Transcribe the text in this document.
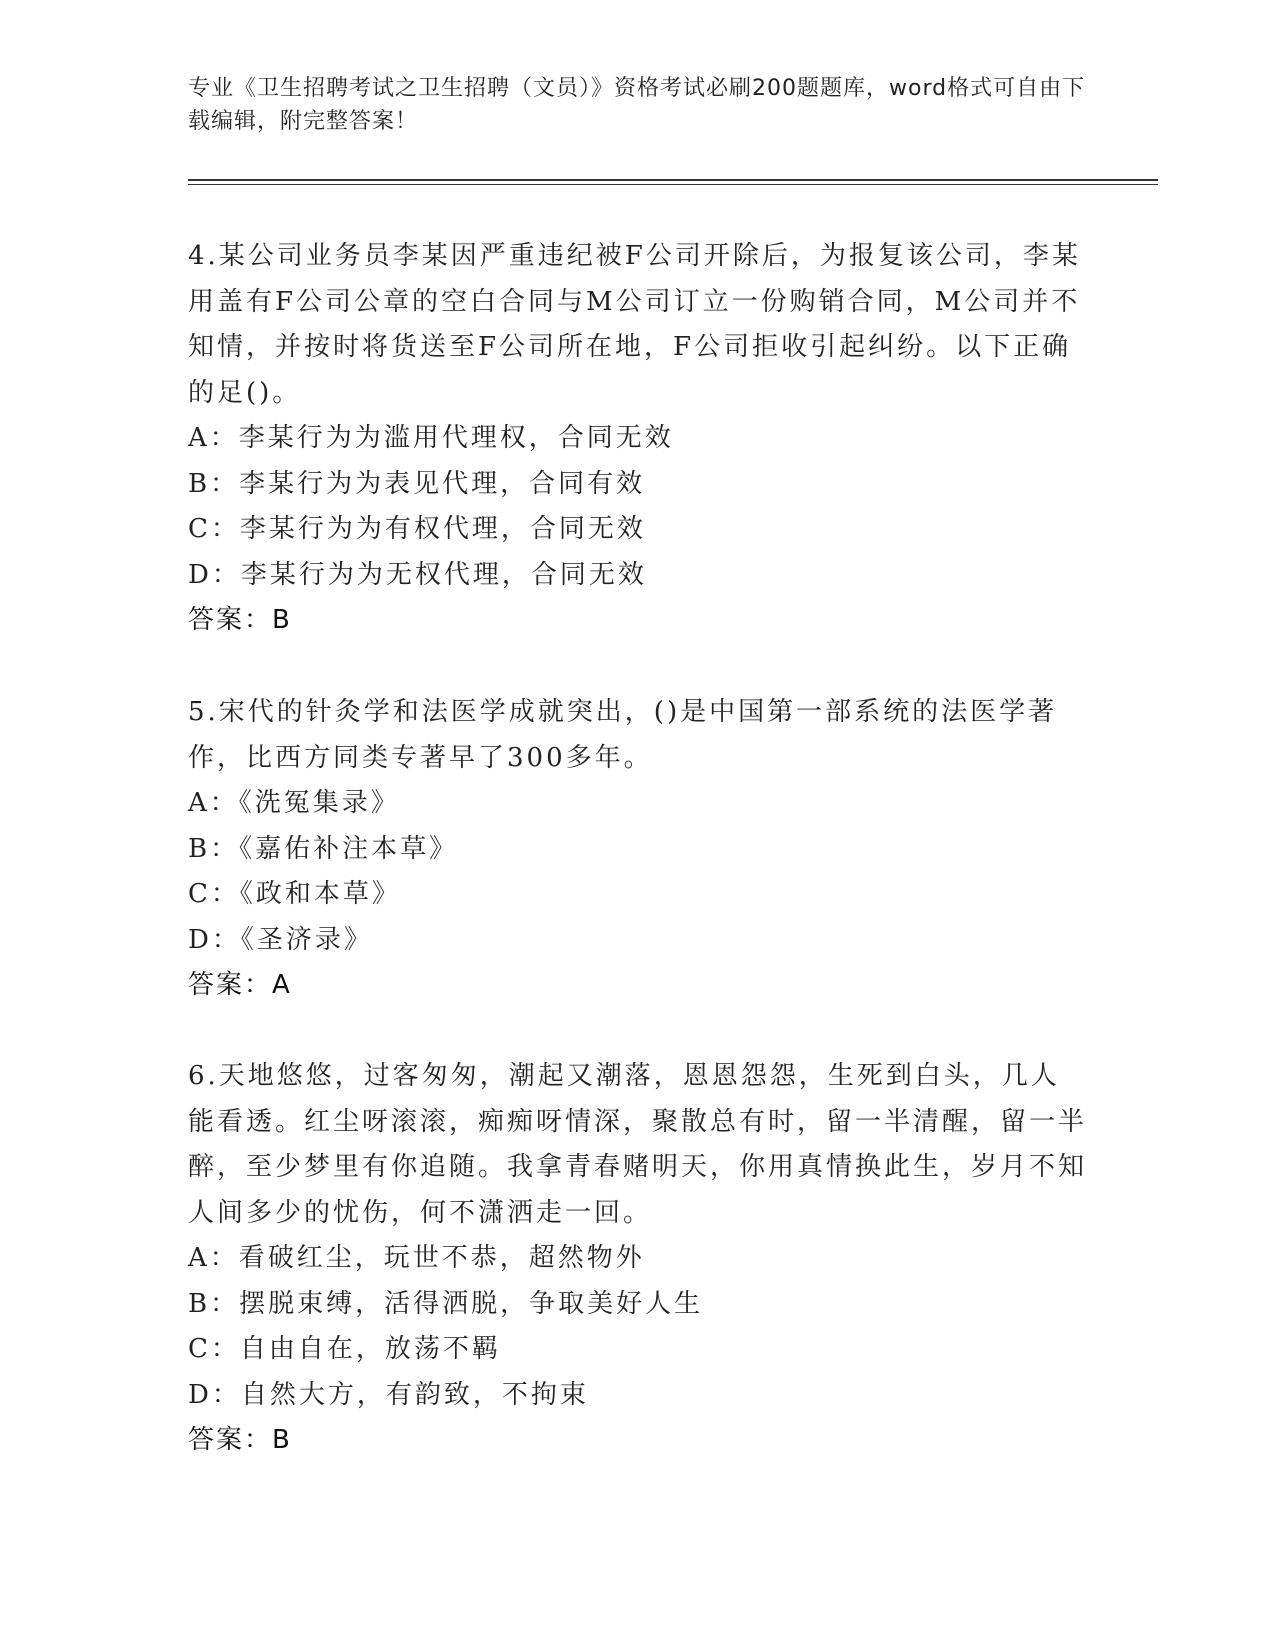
专业《卫生招聘考试之卫生招聘（文员）》资格考试必刷200题题库，word格式可自由下载编辑，附完整答案！

4.某公司业务员李某因严重违纪被F公司开除后，为报复该公司，李某用盖有F公司公章的空白合同与M公司订立一份购销合同，M公司并不知情，并按时将货送至F公司所在地，F公司拒收引起纠纷。以下正确的足()。

A：李某行为为滥用代理权，合同无效

B：李某行为为表见代理，合同有效

C：李某行为为有权代理，合同无效

D：李某行为为无权代理，合同无效

答案：B

5.宋代的针灸学和法医学成就突出，()是中国第一部系统的法医学著作，比西方同类专著早了300多年。

A：《洗冤集录》

B：《嘉佑补注本草》

C：《政和本草》

D：《圣济录》

答案：A

6.天地悠悠，过客匆匆，潮起又潮落，恩恩怨怨，生死到白头，几人能看透。红尘呀滚滚，痴痴呀情深，聚散总有时，留一半清醒，留一半醉，至少梦里有你追随。我拿青春赌明天，你用真情换此生，岁月不知人间多少的忧伤，何不潇洒走一回。

A：看破红尘，玩世不恭，超然物外

B：摆脱束缚，活得洒脱，争取美好人生

C：自由自在，放荡不羁

D：自然大方，有韵致，不拘束

答案：B
